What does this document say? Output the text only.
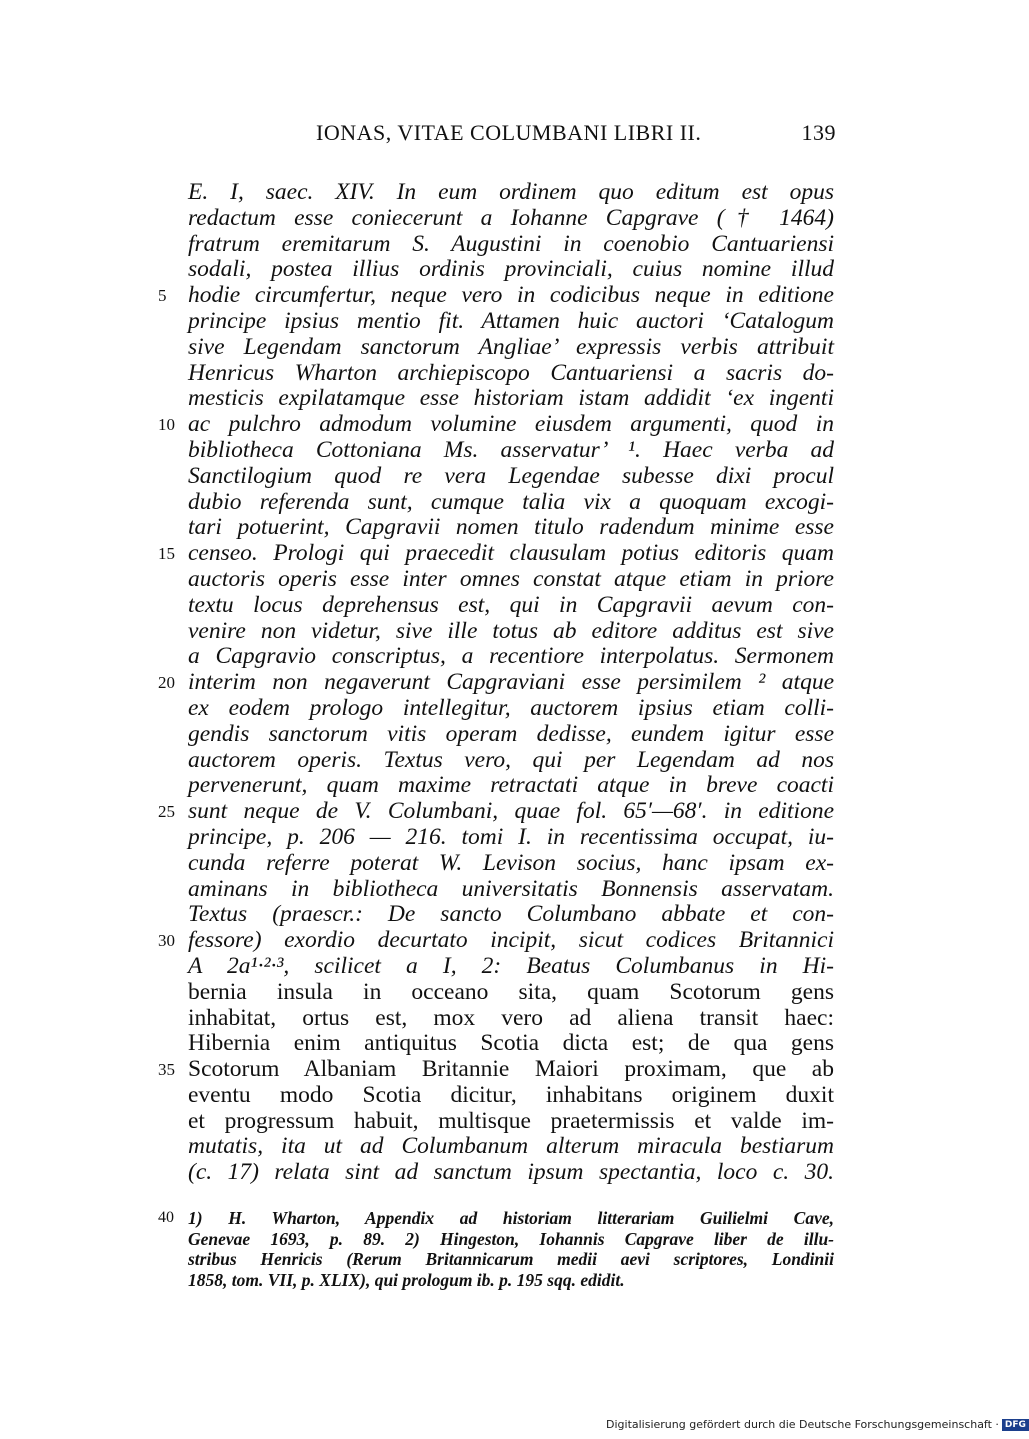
IONAS, VITAE COLUMBANI LIBRI II.	139
E. I, saec. XIV. In eum ordinem quo editum est opus
redactum esse coniecerunt a Iohanne Capgrave († 1464)
fratrum eremitarum S. Augustini in coenobio Cantuariensi
sodali, postea illius ordinis provinciali, cuius nomine illud
5 hodie circumfertur, neque vero in codicibus neque in editione
principe ipsius mentio fit. Attamen huic auctori ‘Catalogum
sive Legendam sanctorum Angliae’ expressis verbis attribuit
Henricus Wharton archiepiscopo Cantuariensi a sacris do-
mesticis expilatamque esse historiam istam addidit ‘ex ingenti
10 ac pulchro admodum volumine eiusdem argumenti, quod in
bibliotheca Cottoniana Ms. asservatur’ ¹. Haec verba ad
Sanctilogium quod re vera Legendae subesse dixi procul
dubio referenda sunt, cumque talia vix a quoquam excogi-
tari potuerint, Capgravii nomen titulo radendum minime esse
15 censeo. Prologi qui praecedit clausulam potius editoris quam
auctoris operis esse inter omnes constat atque etiam in priore
textu locus deprehensus est, qui in Capgravii aevum con-
venire non videtur, sive ille totus ab editore additus est sive
a Capgravio conscriptus, a recentiore interpolatus. Sermonem
20 interim non negaverunt Capgraviani esse persimilem ² atque
ex eodem prologo intellegitur, auctorem ipsius etiam colli-
gendis sanctorum vitis operam dedisse, eundem igitur esse
auctorem operis. Textus vero, qui per Legendam ad nos
pervenerunt, quam maxime retractati atque in breve coacti
25 sunt neque de V. Columbani, quae fol. 65′—68′. in editione
principe, p. 206 — 216. tomi I. in recentissima occupat, iu-
cunda referre poterat W. Levison socius, hanc ipsam ex-
aminans in bibliotheca universitatis Bonnensis asservatam.
Textus (praescr.: De sancto Columbano abbate et con-
30 fessore) exordio decurtato incipit, sicut codices Britannici
A 2a¹·²·³, scilicet a I, 2: Beatus Columbanus in Hi-
bernia insula in occeano sita, quam Scotorum gens
inhabitat, ortus est, mox vero ad aliena transit haec:
Hibernia enim antiquitus Scotia dicta est; de qua gens
35 Scotorum Albaniam Britannie Maiori proximam, que ab
eventu modo Scotia dicitur, inhabitans originem duxit
et progressum habuit, multisque praetermissis et valde im-
mutatis, ita ut ad Columbanum alterum miracula bestiarum
(c. 17) relata sint ad sanctum ipsum spectantia, loco c. 30.
40 1) H. Wharton, Appendix ad historiam litterariam Guilielmi Cave,
Genevae 1693, p. 89. 2) Hingeston, Iohannis Capgrave liber de illu-
stribus Henricis (Rerum Britannicarum medii aevi scriptores, Londinii
1858, tom. VII, p. XLIX), qui prologum ib. p. 195 sqq. edidit.
Digitalisierung gefördert durch die Deutsche Forschungsgemeinschaft · DFG
